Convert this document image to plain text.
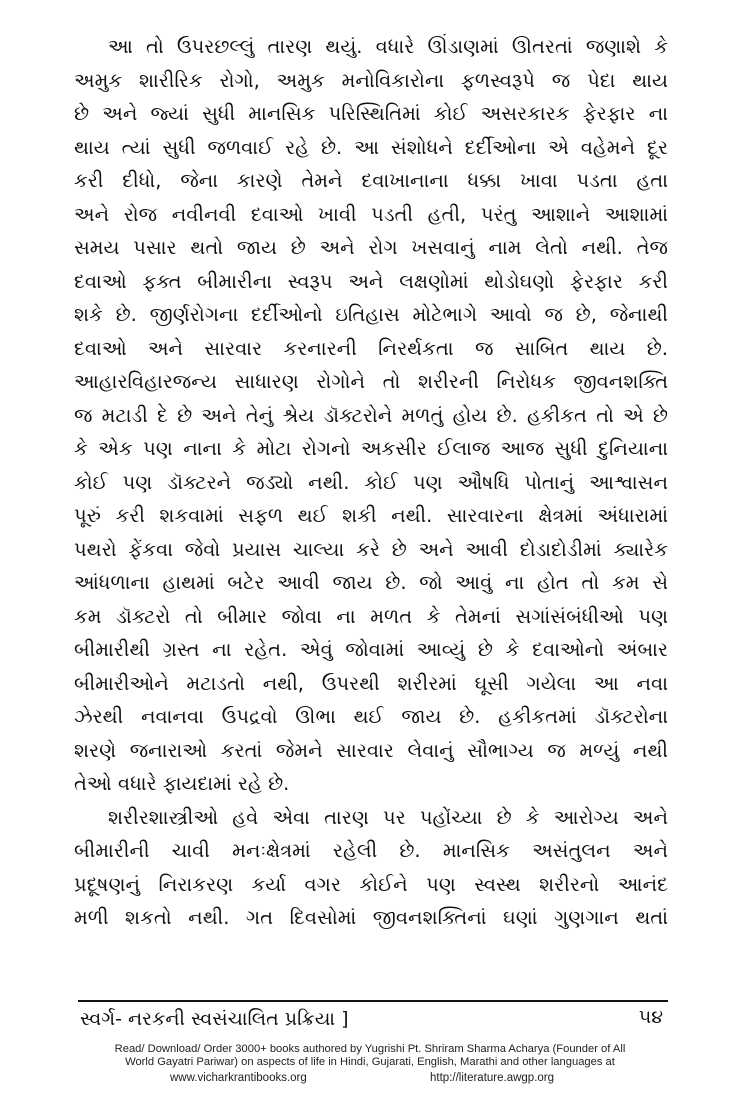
આ તો ઉપરછલ્લું તારણ થયું. વધારે ઊંડાણમાં ઊતરતાં જણાશે કે
અમુક શારીરિક રોગો, અમુક મનોવિકારોના ફળસ્વરૂપે જ પેદા થાય
છે અને જ્યાં સુધી માનસિક પરિસ્થિતિમાં કોઈ અસરકારક ફેરફાર ના
થાય ત્યાં સુધી જળવાઈ રહે છે. આ સંશોધને દર્દીઓના એ વહેમને દૂર
કરી દીધો, જેના કારણે તેમને દવાખાનાના ધક્કા ખાવા પડતા હતા
અને રોજ નવીનવી દવાઓ ખાવી પડતી હતી, પરંતુ આશાને આશામાં
સમય પસાર થતો જાય છે અને રોગ ખસવાનું નામ લેતો નથી. તેજ
દવાઓ ફક્ત બીમારીના સ્વરૂપ અને લક્ષણોમાં થોડોઘણો ફેરફાર કરી
શકે છે. જીર્ણરોગના દર્દીઓનો ઇતિહાસ મોટેભાગે આવો જ છે, જેનાથી
દવાઓ અને સારવાર કરનારની નિરર્થકતા જ સાબિત થાય છે.
આહારવિહારજન્ય સાધારણ રોગોને તો શરીરની નિરોધક જીવનશક્તિ
જ મટાડી દે છે અને તેનું શ્રેય ડૉક્ટરોને મળતું હોય છે. હકીકત તો એ છે
કે એક પણ નાના કે મોટા રોગનો અકસીર ઈલાજ આજ સુધી દુનિયાના
કોઈ પણ ડૉક્ટરને જડ્યો નથી. કોઈ પણ ઔષધિ પોતાનું આશ્વાસન
પૂરું કરી શકવામાં સફળ થઈ શકી નથી. સારવારના ક્ષેત્રમાં અંધારામાં
પથરો ફેંકવા જેવો પ્રયાસ ચાલ્યા કરે છે અને આવી દોડાદોડીમાં ક્યારેક
આંધળાના હાથમાં બટેર આવી જાય છે. જો આવું ના હોત તો કમ સે
કમ ડૉક્ટરો તો બીમાર જોવા ના મળત કે તેમનાં સગાંસંબંધીઓ પણ
બીમારીથી ગ્રસ્ત ના રહેત. એવું જોવામાં આવ્યું છે કે દવાઓનો અંબાર
બીમારીઓને મટાડતો નથી, ઉપરથી શરીરમાં ઘૂસી ગયેલા આ નવા
ઝેરથી નવાનવા ઉપદ્રવો ઊભા થઈ જાય છે. હકીકતમાં ડૉક્ટરોના
શરણે જનારાઓ કરતાં જેમને સારવાર લેવાનું સૌભાગ્ય જ મળ્યું નથી
તેઓ વધારે ફાયદામાં રહે છે.
શરીરશાસ્ત્રીઓ હવે એવા તારણ પર પહોંચ્યા છે કે આરોગ્ય અને
બીમારીની ચાવી મનઃક્ષેત્રમાં રહેલી છે. માનસિક અસંતુલન અને
પ્રદૂષણનું નિરાકરણ કર્યા વગર કોઈને પણ સ્વસ્થ શરીરનો આનંદ
મળી શકતો નથી. ગત દિવસોમાં જીવનશક્તિનાં ઘણાં ગુણગાન થતાં
સ્વર્ગ- નરકની સ્વસંચાલિત પ્રક્રિયા ]	૫૪
Read/ Download/ Order 3000+ books authored by Yugrishi Pt. Shriram Sharma Acharya (Founder of All
World Gayatri Pariwar) on aspects of life in Hindi, Gujarati, English, Marathi and other languages at
www.vicharkrantibooks.org	http://literature.awgp.org
